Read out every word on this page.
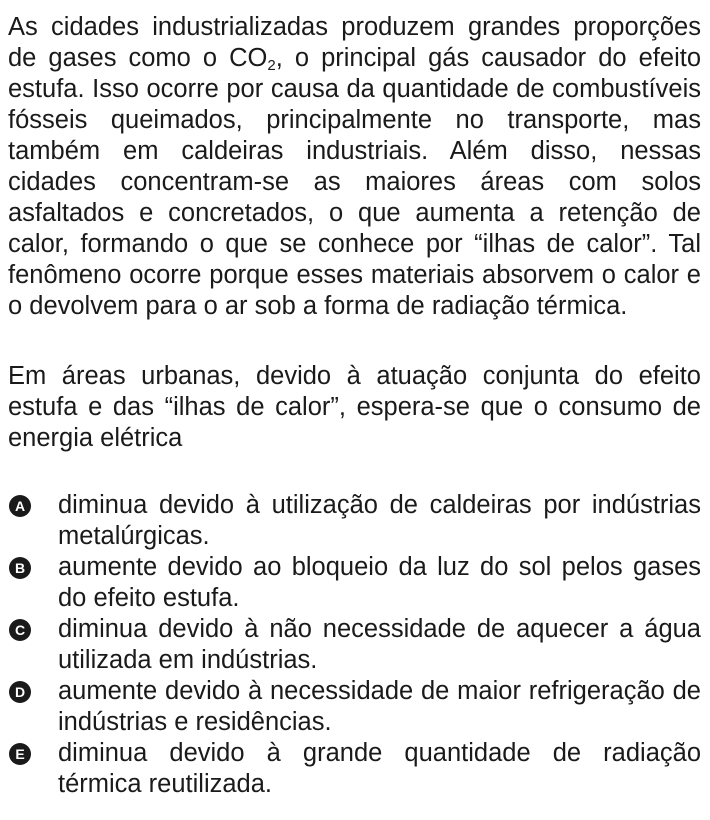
As cidades industrializadas produzem grandes proporções de gases como o $CO_2$, o principal gás causador do efeito estufa. Isso ocorre por causa da quantidade de combustíveis fósseis queimados, principalmente no transporte, mas também em caldeiras industriais. Além disso, nessas cidades concentram-se as maiores áreas com solos asfaltados e concretados, o que aumenta a retenção de calor, formando o que se conhece por “ilhas de calor”. Tal fenômeno ocorre porque esses materiais absorvem o calor e o devolvem para o ar sob a forma de radiação térmica.

Em áreas urbanas, devido à atuação conjunta do efeito estufa e das “ilhas de calor”, espera-se que o consumo de energia elétrica

A diminua devido à utilização de caldeiras por indústrias metalúrgicas.
B aumente devido ao bloqueio da luz do sol pelos gases do efeito estufa.
C diminua devido à não necessidade de aquecer a água utilizada em indústrias.
D aumente devido à necessidade de maior refrigeração de indústrias e residências.
E diminua devido à grande quantidade de radiação térmica reutilizada.
